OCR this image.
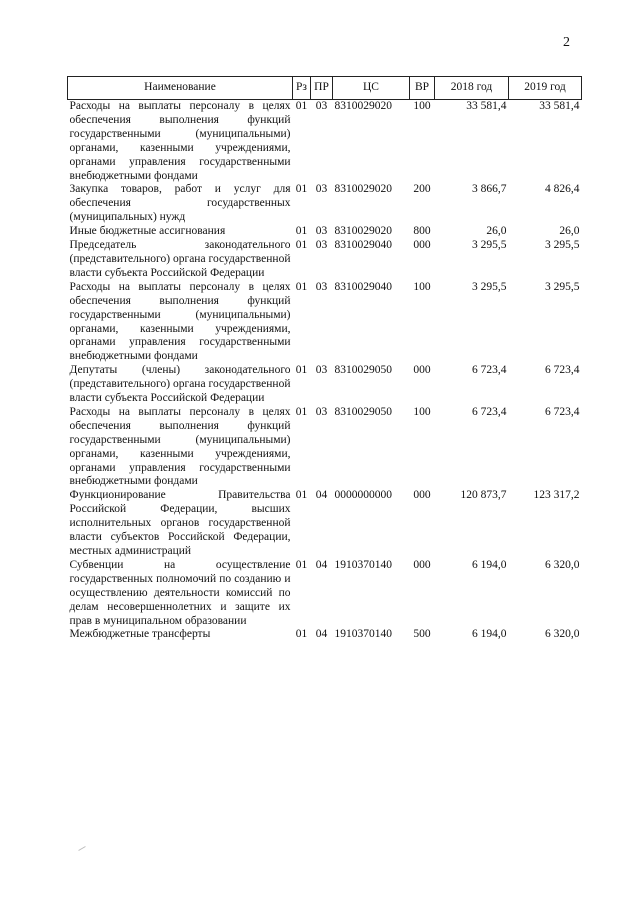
2
Наименование	Рз	ПР	ЦС	ВР	2018 год	2019 год
Расходы на выплаты персоналу в целях обеспечения выполнения функций государственными (муниципальными) органами, казенными учреждениями, органами управления государственными внебюджетными фондами	01	03	8310029020	100	33 581,4	33 581,4
Закупка товаров, работ и услуг для обеспечения государственных (муниципальных) нужд	01	03	8310029020	200	3 866,7	4 826,4
Иные бюджетные ассигнования	01	03	8310029020	800	26,0	26,0
Председатель законодательного (представительного) органа государственной власти субъекта Российской Федерации	01	03	8310029040	000	3 295,5	3 295,5
Расходы на выплаты персоналу в целях обеспечения выполнения функций государственными (муниципальными) органами, казенными учреждениями, органами управления государственными внебюджетными фондами	01	03	8310029040	100	3 295,5	3 295,5
Депутаты (члены) законодательного (представительного) органа государственной власти субъекта Российской Федерации	01	03	8310029050	000	6 723,4	6 723,4
Расходы на выплаты персоналу в целях обеспечения выполнения функций государственными (муниципальными) органами, казенными учреждениями, органами управления государственными внебюджетными фондами	01	03	8310029050	100	6 723,4	6 723,4
Функционирование Правительства Российской Федерации, высших исполнительных органов государственной власти субъектов Российской Федерации, местных администраций	01	04	0000000000	000	120 873,7	123 317,2
Субвенции на осуществление государственных полномочий по созданию и осуществлению деятельности комиссий по делам несовершеннолетних и защите их прав в муниципальном образовании	01	04	1910370140	000	6 194,0	6 320,0
Межбюджетные трансферты	01	04	1910370140	500	6 194,0	6 320,0
